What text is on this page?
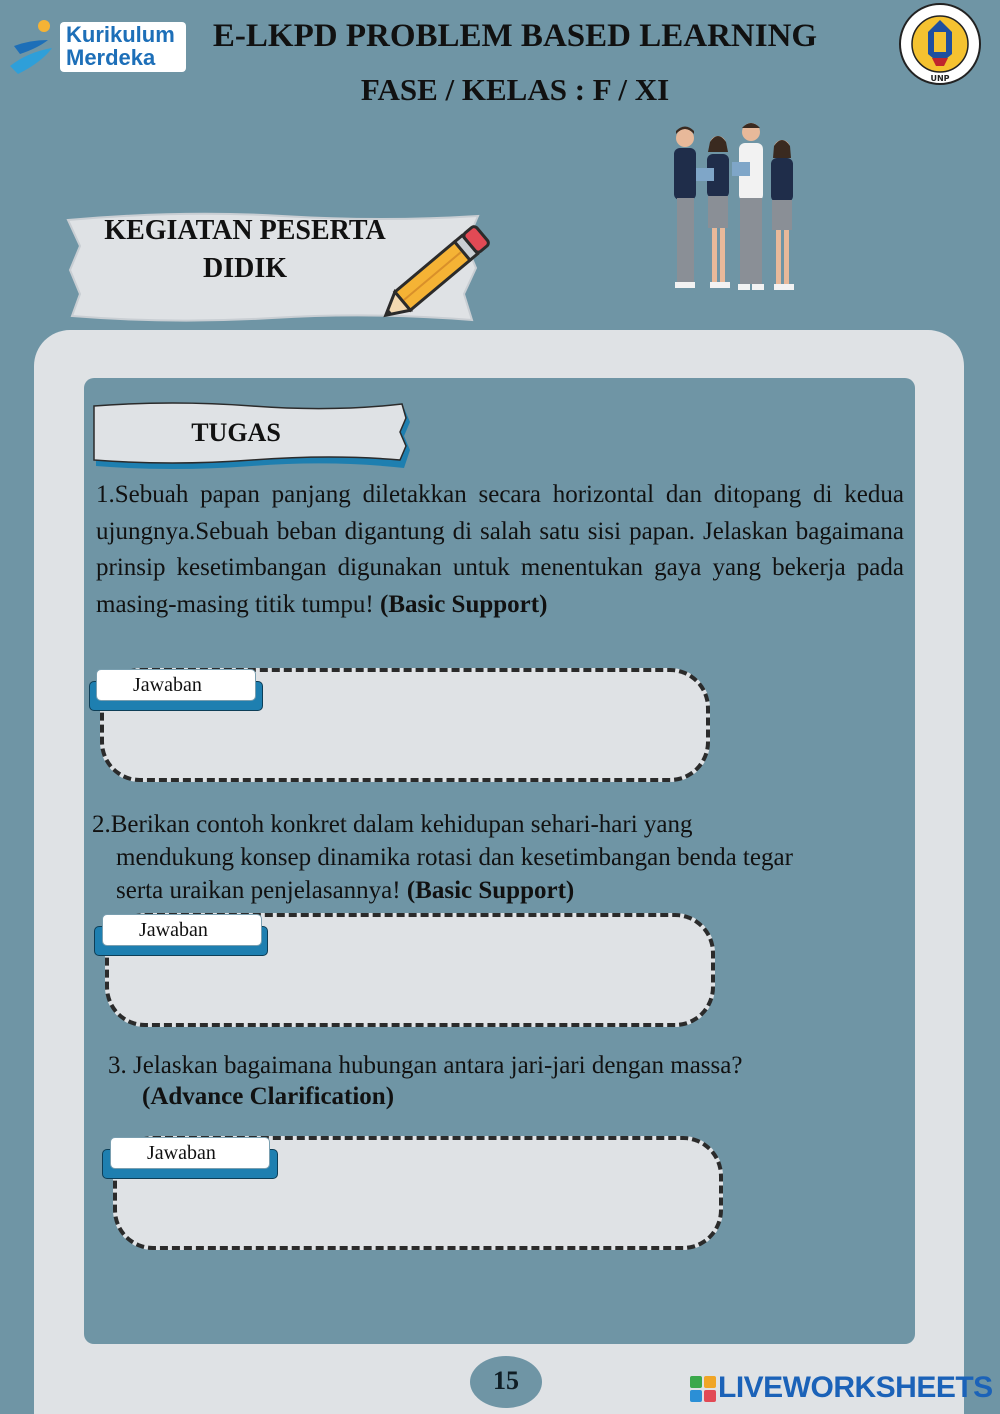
Kurikulum
Merdeka
E-LKPD PROBLEM BASED LEARNING
FASE / KELAS : F / XI	UNP
KEGIATAN PESERTA
DIDIK
TUGAS
1.Sebuah papan panjang diletakkan secara horizontal dan ditopang di kedua ujungnya.Sebuah beban digantung di salah satu sisi papan. Jelaskan bagaimana prinsip kesetimbangan digunakan untuk menentukan gaya yang bekerja pada masing-masing titik tumpu! (Basic Support)
Jawaban
2.Berikan contoh konkret dalam kehidupan sehari-hari yang
mendukung konsep dinamika rotasi dan kesetimbangan benda tegar
serta uraikan penjelasannya! (Basic Support)
Jawaban
3. Jelaskan bagaimana hubungan antara jari-jari dengan massa?
(Advance Clarification)
Jawaban
15	LIVEWORKSHEETS
